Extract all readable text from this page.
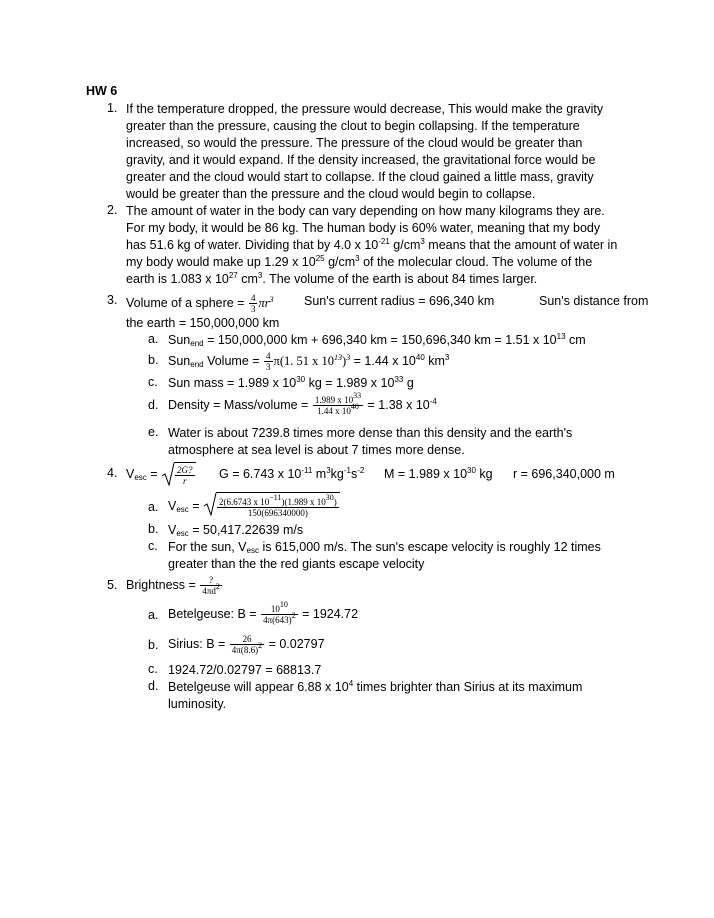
HW 6
1. If the temperature dropped, the pressure would decrease, This would make the gravity
greater than the pressure, causing the clout to begin collapsing. If the temperature
increased, so would the pressure. The pressure of the cloud would be greater than
gravity, and it would expand. If the density increased, the gravitational force would be
greater and the cloud would start to collapse. If the cloud gained a little mass, gravity
would be greater than the pressure and the cloud would begin to collapse.
2. The amount of water in the body can vary depending on how many kilograms they are.
For my body, it would be 86 kg. The human body is 60% water, meaning that my body
has 51.6 kg of water. Dividing that by 4.0 x $10^{-21}$ $g/cm^3$ means that the amount of water in
my body would make up 1.29 x $10^{25}$ $g/cm^3$ of the molecular cloud. The volume of the
earth is 1.083 x $10^{27}$ $cm^3$. The volume of the earth is about 84 times larger.
3. Volume of a sphere = $\frac{4}{3} \pi r^3$ Sun's current radius = 696,340 km	Sun's distance from
the earth = 150,000,000 km
a. Sun$_{end}$ = 150,000,000 km + 696,340 km = 150,696,340 km = 1.51 x $10^{13}$ cm
b. Sun$_{end}$ Volume = $\frac{4}{3} \pi(1$. 51 x $10^{13})^3 = 1.44$ x $10^{40}$ $km^3$
c. Sun mass = 1.989 x $10^{30}$ kg = 1.989 x $10^{33}$ g
d. Density = Mass/volume = $\frac{1.989 x 10^{33}}{1.44 x 10^{40}} = 1.38$ x $10^{-4}$
e. Water is about 7239.8 times more dense than this density and the earth's
atmosphere at sea level is about 7 times more dense.
4. $V_{esc} = \frac{2G?}{r}$ G = 6.743 x $10^{-11}$ $m^3kg^{-1}s^{-2}$ M = 1.989 x $10^{30}$ kg r = 696,340,000 m
a. $V_{esc} = \frac{2(6.6743 x 10^{-11})(1.989 x 10^{30})}{150(696340000)}$
b. $V_{esc} = 50,417.22639$ m/s
c. For the sun, $V_{esc}$ is 615,000 m/s. The sun's escape velocity is roughly 12 times
greater than the the red giants escape velocity
5. Brightness = $\frac{?}{4\pi d^2}$
a. Betelgeuse: $B = \frac{10^{10}}{4\pi(643)^2} = 1924.72$
b. Sirius: $B = \frac{26}{4\pi(8.6)^2} = 0.02797$
c. 1924.72/0.02797 = 68813.7
d. Betelgeuse will appear 6.88 x $10^4$ times brighter than Sirius at its maximum
luminosity.
